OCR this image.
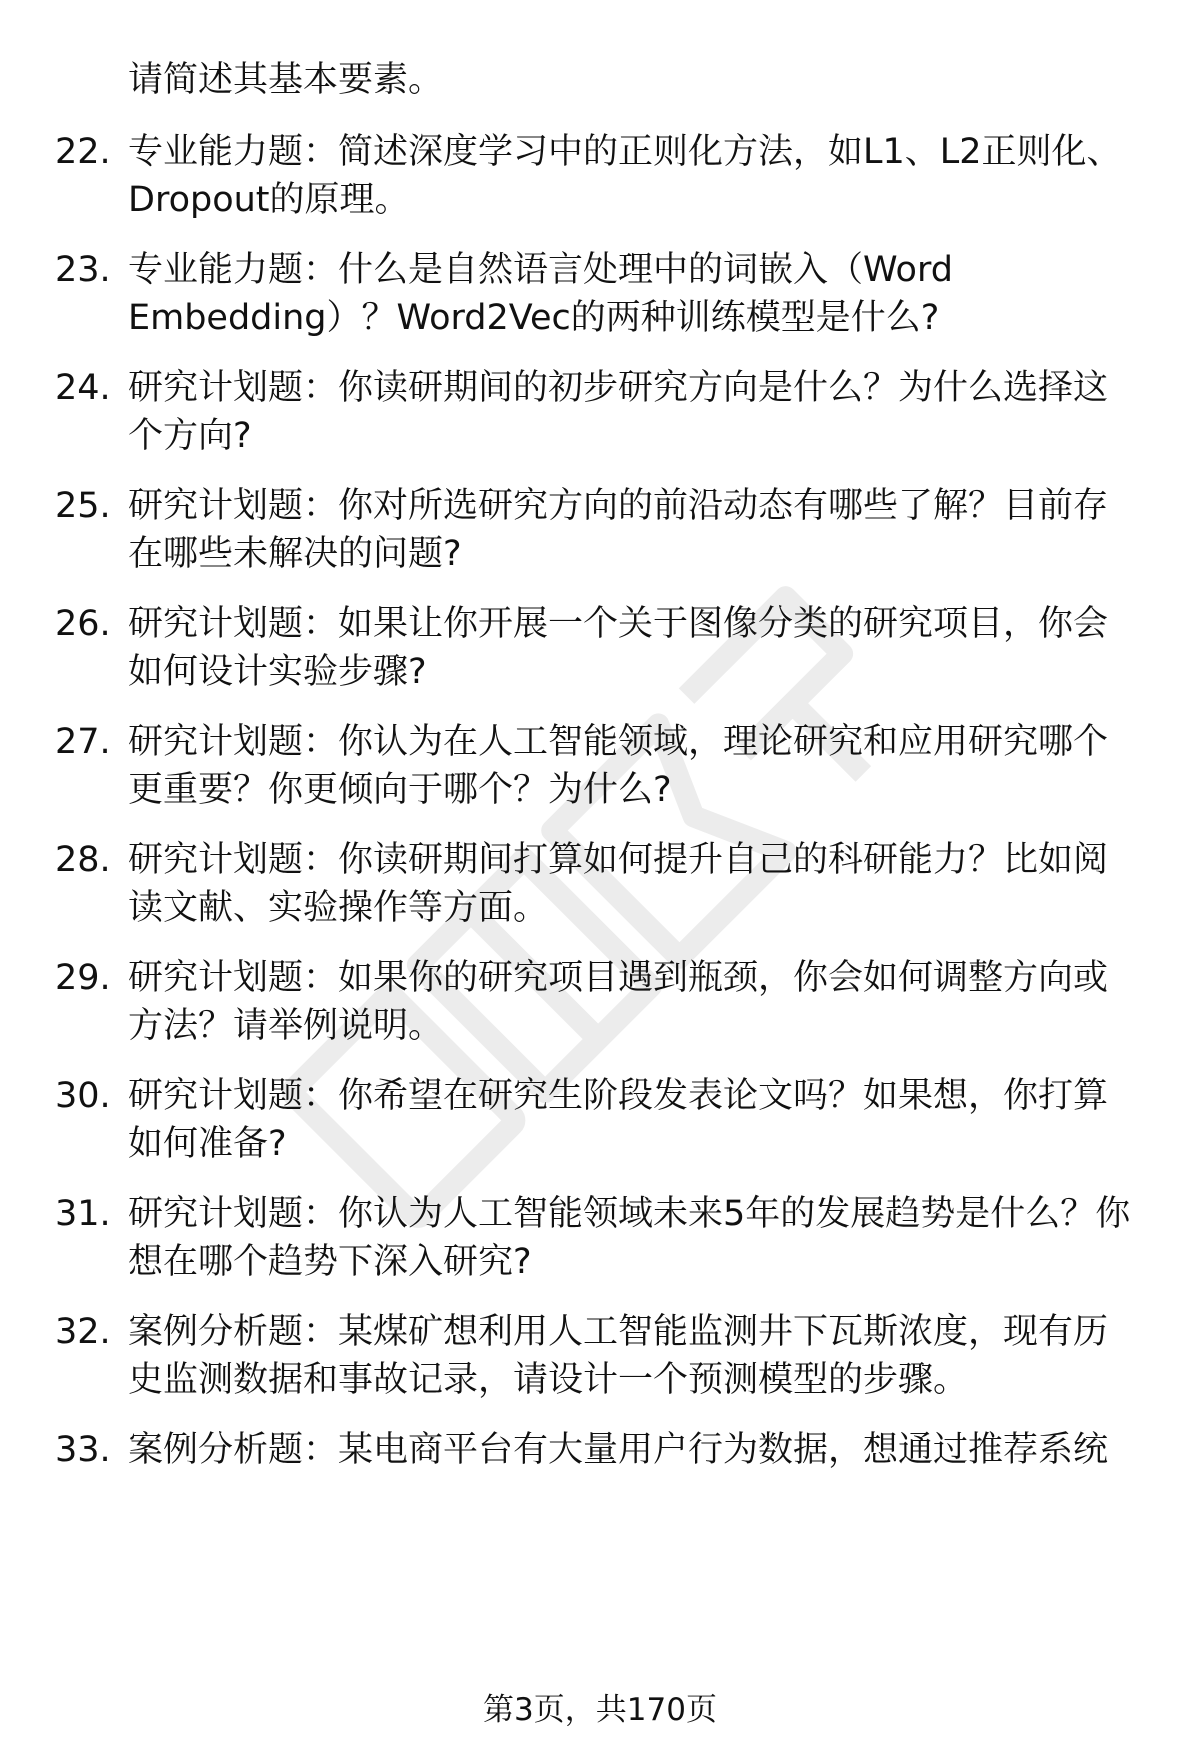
请简述其基本要素。
22. 专业能力题：简述深度学习中的正则化方法，如L1、L2正则化、
Dropout的原理。
23. 专业能力题：什么是自然语言处理中的词嵌入（Word
Embedding）？Word2Vec的两种训练模型是什么?
24. 研究计划题：你读研期间的初步研究方向是什么？为什么选择这
个方向?
25. 研究计划题：你对所选研究方向的前沿动态有哪些了解？目前存
在哪些未解决的问题?
26. 研究计划题：如果让你开展一个关于图像分类的研究项目，你会
如何设计实验步骤?
27. 研究计划题：你认为在人工智能领域，理论研究和应用研究哪个
更重要？你更倾向于哪个？为什么?
28. 研究计划题：你读研期间打算如何提升自己的科研能力？比如阅
读文献、实验操作等方面。
29. 研究计划题：如果你的研究项目遇到瓶颈，你会如何调整方向或
方法？请举例说明。
30. 研究计划题：你希望在研究生阶段发表论文吗？如果想，你打算
如何准备?
31. 研究计划题：你认为人工智能领域未来5年的发展趋势是什么？你
想在哪个趋势下深入研究?
32. 案例分析题：某煤矿想利用人工智能监测井下瓦斯浓度，现有历
史监测数据和事故记录，请设计一个预测模型的步骤。
33. 案例分析题：某电商平台有大量用户行为数据，想通过推荐系统
第3页，共170页
